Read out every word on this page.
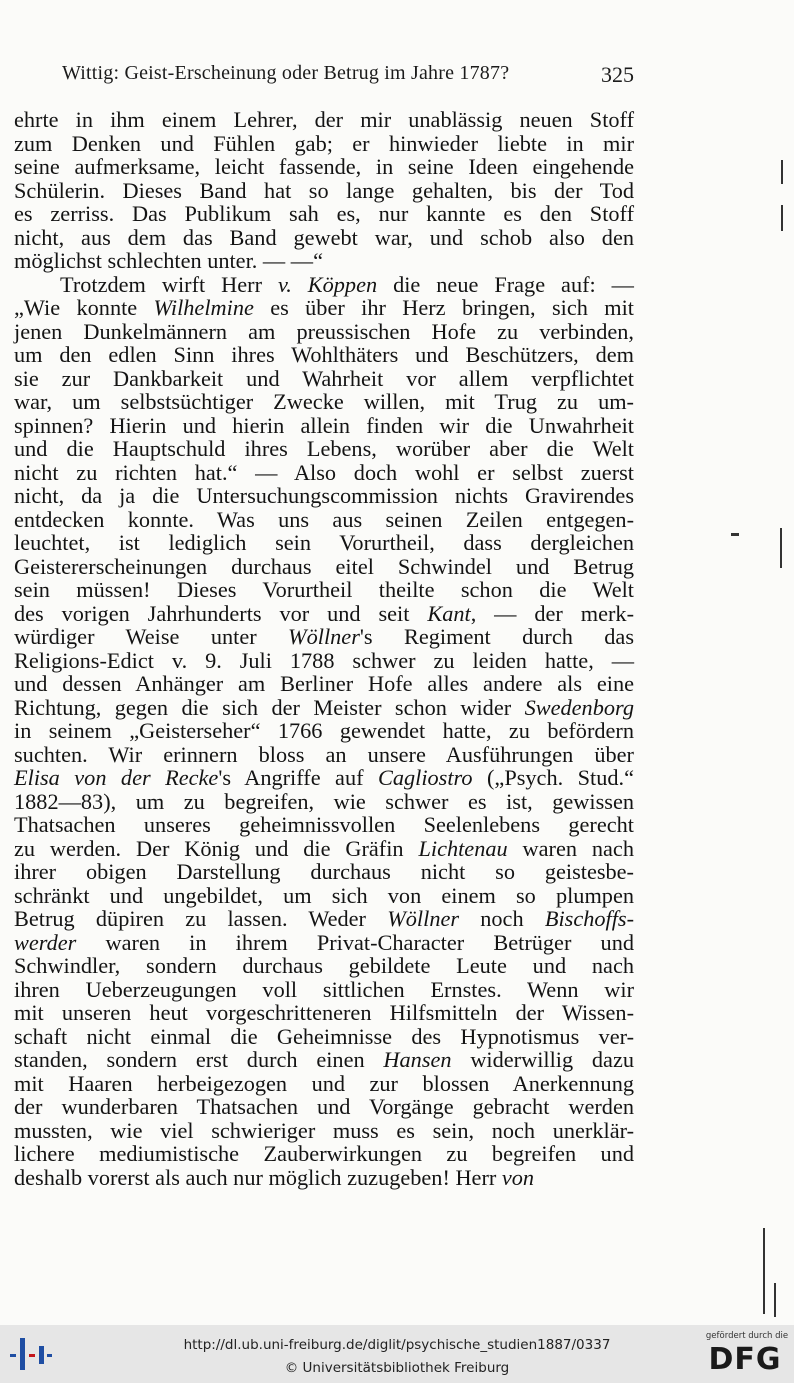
Wittig: Geist-Erscheinung oder Betrug im Jahre 1787?	325
ehrte in ihm einem Lehrer, der mir unablässig neuen Stoff
zum Denken und Fühlen gab; er hinwieder liebte in mir
seine aufmerksame, leicht fassende, in seine Ideen eingehende
Schülerin. Dieses Band hat so lange gehalten, bis der Tod
es zerriss. Das Publikum sah es, nur kannte es den Stoff
nicht, aus dem das Band gewebt war, und schob also den
möglichst schlechten unter. — —“
Trotzdem wirft Herr v. Köppen die neue Frage auf: —
„Wie konnte Wilhelmine es über ihr Herz bringen, sich mit
jenen Dunkelmännern am preussischen Hofe zu verbinden,
um den edlen Sinn ihres Wohlthäters und Beschützers, dem
sie zur Dankbarkeit und Wahrheit vor allem verpflichtet
war, um selbstsüchtiger Zwecke willen, mit Trug zu um-
spinnen? Hierin und hierin allein finden wir die Unwahrheit
und die Hauptschuld ihres Lebens, worüber aber die Welt
nicht zu richten hat.“ — Also doch wohl er selbst zuerst
nicht, da ja die Untersuchungscommission nichts Gravirendes
entdecken konnte. Was uns aus seinen Zeilen entgegen-
leuchtet, ist lediglich sein Vorurtheil, dass dergleichen
Geistererscheinungen durchaus eitel Schwindel und Betrug
sein müssen! Dieses Vorurtheil theilte schon die Welt
des vorigen Jahrhunderts vor und seit Kant, — der merk-
würdiger Weise unter Wöllner's Regiment durch das
Religions-Edict v. 9. Juli 1788 schwer zu leiden hatte, —
und dessen Anhänger am Berliner Hofe alles andere als eine
Richtung, gegen die sich der Meister schon wider Swedenborg
in seinem „Geisterseher“ 1766 gewendet hatte, zu befördern
suchten. Wir erinnern bloss an unsere Ausführungen über
Elisa von der Recke's Angriffe auf Cagliostro („Psych. Stud.“
1882—83), um zu begreifen, wie schwer es ist, gewissen
Thatsachen unseres geheimnissvollen Seelenlebens gerecht
zu werden. Der König und die Gräfin Lichtenau waren nach
ihrer obigen Darstellung durchaus nicht so geistesbe-
schränkt und ungebildet, um sich von einem so plumpen
Betrug düpiren zu lassen. Weder Wöllner noch Bischoffs-
werder waren in ihrem Privat-Character Betrüger und
Schwindler, sondern durchaus gebildete Leute und nach
ihren Ueberzeugungen voll sittlichen Ernstes. Wenn wir
mit unseren heut vorgeschritteneren Hilfsmitteln der Wissen-
schaft nicht einmal die Geheimnisse des Hypnotismus ver-
standen, sondern erst durch einen Hansen widerwillig dazu
mit Haaren herbeigezogen und zur blossen Anerkennung
der wunderbaren Thatsachen und Vorgänge gebracht werden
mussten, wie viel schwieriger muss es sein, noch unerklär-
lichere mediumistische Zauberwirkungen zu begreifen und
deshalb vorerst als auch nur möglich zuzugeben! Herr von
http://dl.ub.uni-freiburg.de/diglit/psychische_studien1887/0337
© Universitätsbibliothek Freiburg
gefördert durch die
DFG
